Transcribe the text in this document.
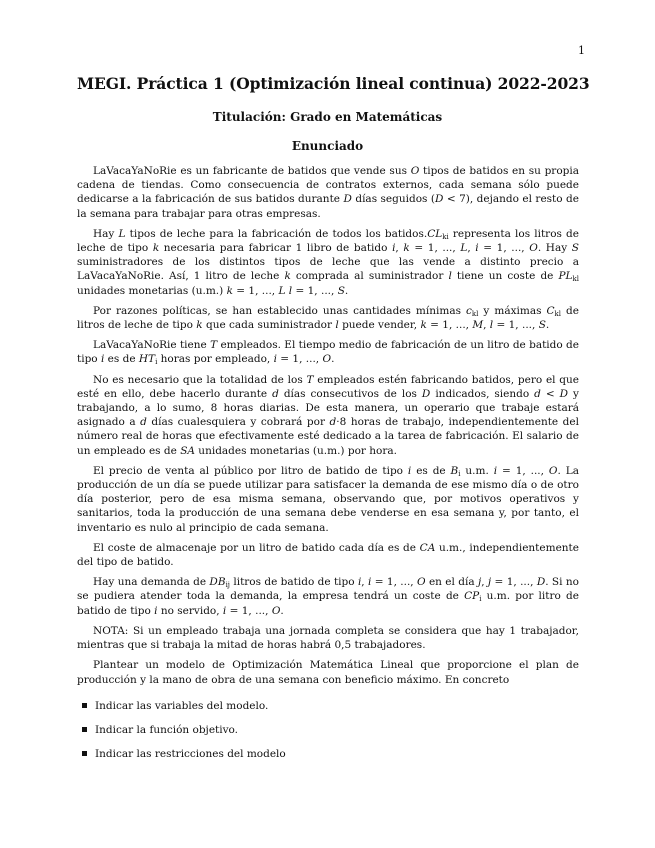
1
MEGI. Práctica 1 (Optimización lineal continua) 2022-2023
Titulación: Grado en Matemáticas
Enunciado

LaVacaYaNoRie es un fabricante de batidos que vende sus O tipos de batidos en su propia cadena de tiendas. Como consecuencia de contratos externos, cada semana sólo puede dedicarse a la fabricación de sus batidos durante D días seguidos (D < 7), dejando el resto de la semana para trabajar para otras empresas.

Hay L tipos de leche para la fabricación de todos los $batidos.CL_{ki}$ representa los litros de leche de tipo k necesaria para fabricar 1 libro de batido i, k = 1, ..., L, i = 1, ..., O. Hay S suministradores de los distintos tipos de leche que las vende a distinto precio a LaVacaYaNoRie. Así, 1 litro de leche k comprada al suministrador l tiene un coste de $PL_{kl}$ unidades monetarias (u.m.) k = 1, ..., L l = 1, ..., S.

Por razones políticas, se han establecido unas cantidades mínimas $c_{kl}$ y máximas $C_{kl}$ de litros de leche de tipo k que cada suministrador l puede vender, k = 1, ..., M, l = 1, ..., S.

LaVacaYaNoRie tiene T empleados. El tiempo medio de fabricación de un litro de batido de tipo i es de $HT_i$ horas por empleado, i = 1, ..., O.

No es necesario que la totalidad de los T empleados estén fabricando batidos, pero el que esté en ello, debe hacerlo durante d días consecutivos de los D indicados, siendo d < D y trabajando, a lo sumo, 8 horas diarias. De esta manera, un operario que trabaje estará asignado a d días cualesquiera y cobrará por d·8 horas de trabajo, independientemente del número real de horas que efectivamente esté dedicado a la tarea de fabricación. El salario de un empleado es de SA unidades monetarias (u.m.) por hora.

El precio de venta al público por litro de batido de tipo i es de $B_i$ u.m. i = 1, ..., O. La producción de un día se puede utilizar para satisfacer la demanda de ese mismo día o de otro día posterior, pero de esa misma semana, observando que, por motivos operativos y sanitarios, toda la producción de una semana debe venderse en esa semana y, por tanto, el inventario es nulo al principio de cada semana.

El coste de almacenaje por un litro de batido cada día es de CA u.m., independientemente del tipo de batido.

Hay una demanda de $DB_{ij}$ litros de batido de tipo i, i = 1, ..., O en el día j, j = 1, ..., D. Si no se pudiera atender toda la demanda, la empresa tendrá un coste de $CP_i$ u.m. por litro de batido de tipo i no servido, i = 1, ..., O.

NOTA: Si un empleado trabaja una jornada completa se considera que hay 1 trabajador, mientras que si trabaja la mitad de horas habrá 0,5 trabajadores.

Plantear un modelo de Optimización Matemática Lineal que proporcione el plan de producción y la mano de obra de una semana con beneficio máximo. En concreto

Indicar las variables del modelo.
Indicar la función objetivo.
Indicar las restricciones del modelo
